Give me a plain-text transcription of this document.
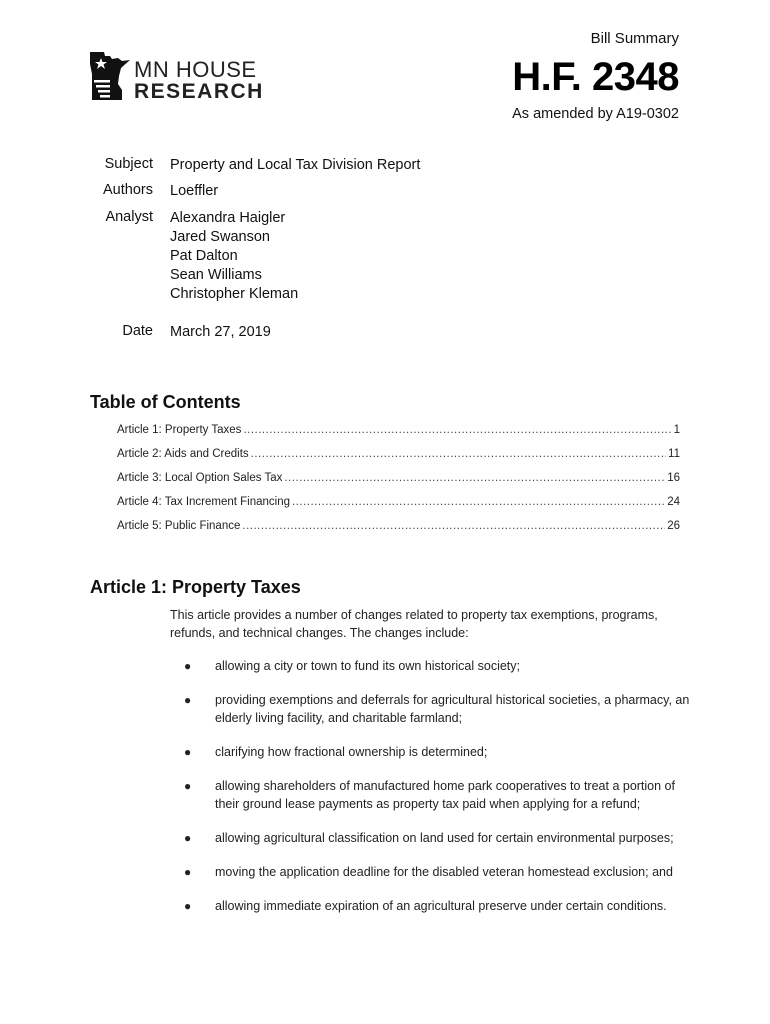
MN HOUSE
RESEARCH
Bill Summary
H.F. 2348
As amended by A19-0302
Subject Property and Local Tax Division Report
Authors Loeffler
Analyst Alexandra Haigler
Jared Swanson
Pat Dalton
Sean Williams
Christopher Kleman
Date March 27, 2019
Table of Contents
Article 1: Property Taxes .....	1
Article 2: Aids and Credits .....	11
Article 3: Local Option Sales Tax .....	16
Article 4: Tax Increment Financing .....	24
Article 5: Public Finance .....	26
Article 1: Property Taxes
This article provides a number of changes related to property tax exemptions, programs, refunds, and technical changes. The changes include:
● allowing a city or town to fund its own historical society;
● providing exemptions and deferrals for agricultural historical societies, a pharmacy, an elderly living facility, and charitable farmland;
● clarifying how fractional ownership is determined;
● allowing shareholders of manufactured home park cooperatives to treat a portion of their ground lease payments as property tax paid when applying for a refund;
● allowing agricultural classification on land used for certain environmental purposes;
● moving the application deadline for the disabled veteran homestead exclusion; and
● allowing immediate expiration of an agricultural preserve under certain conditions.
